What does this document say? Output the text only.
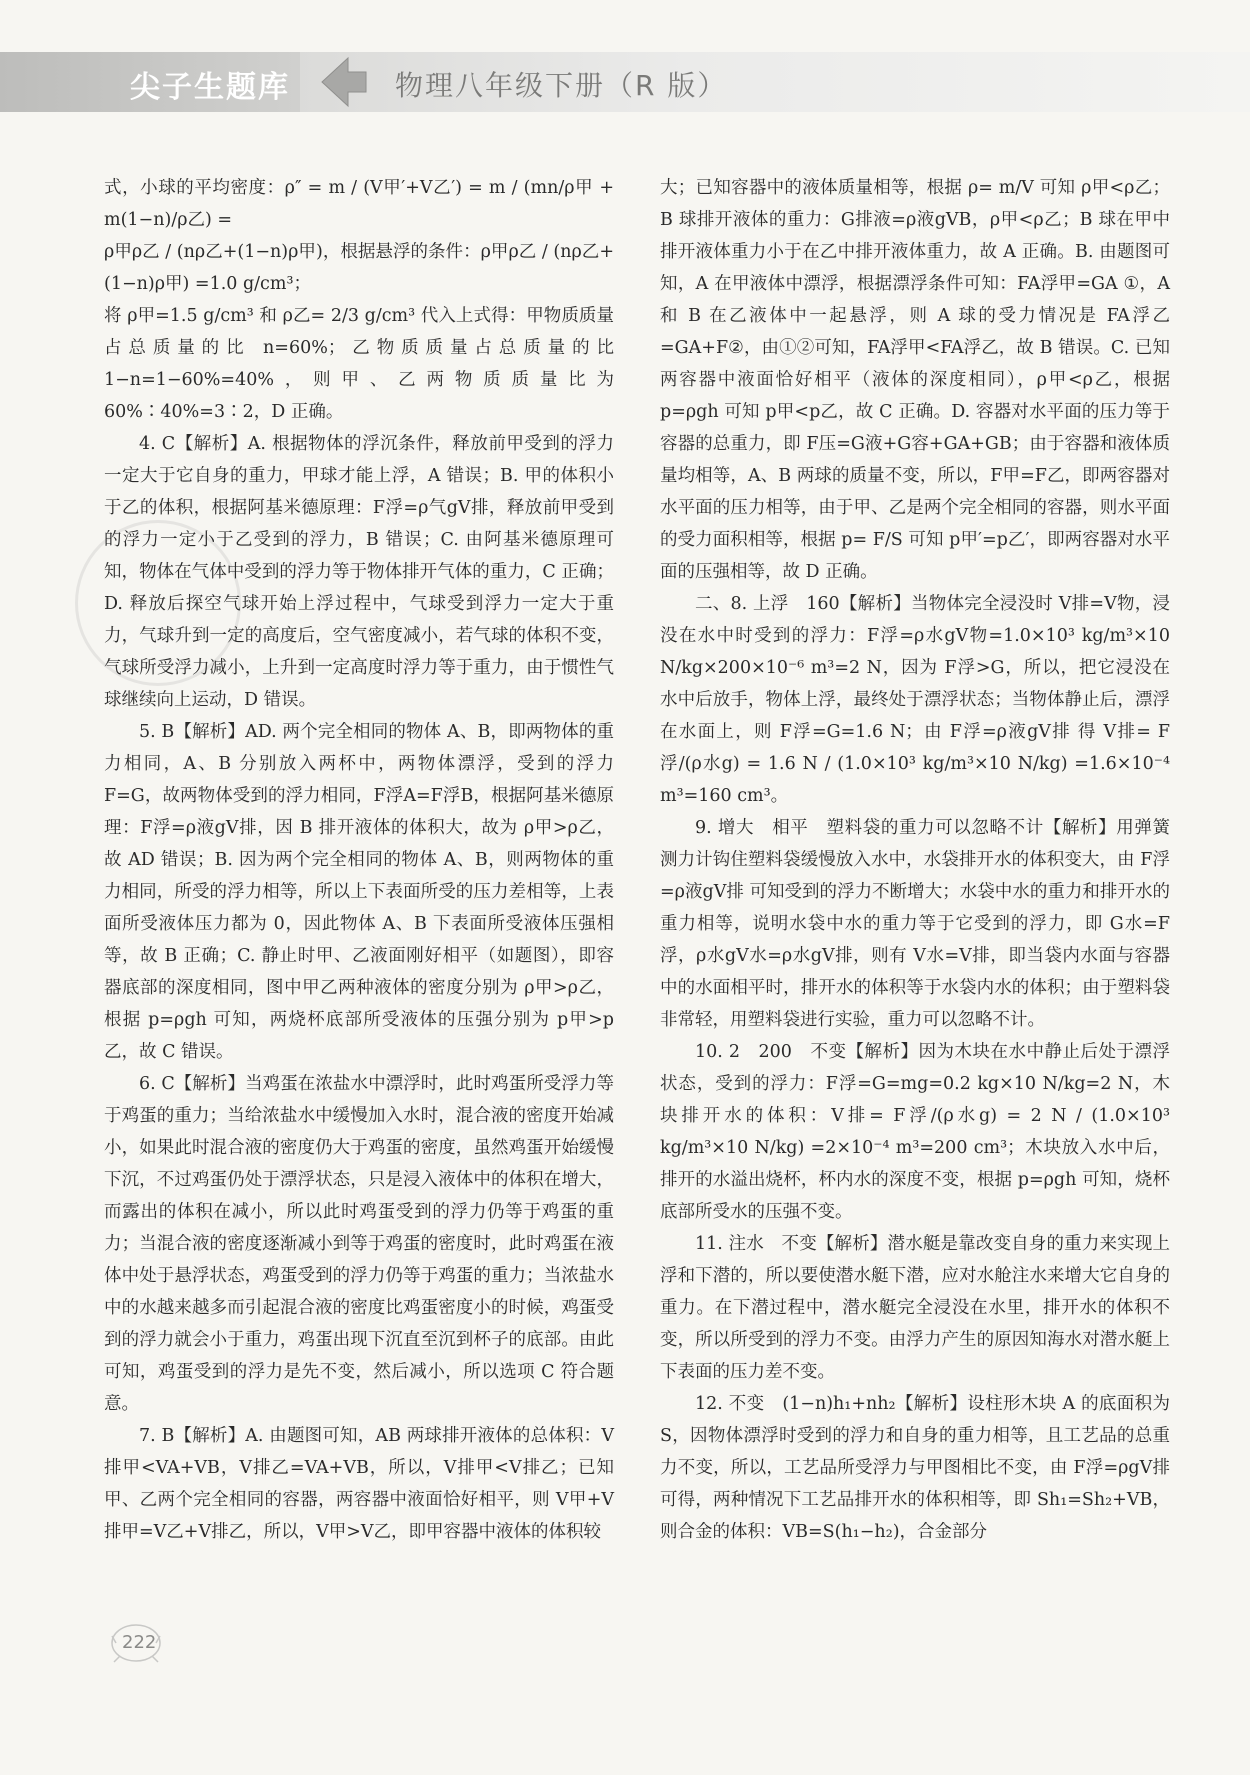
尖子生题库	物理八年级下册（R 版）

式，小球的平均密度：ρ″ = m / (V甲′+V乙′) = m / (mn/ρ甲 + m(1−n)/ρ乙) =

ρ甲ρ乙 / (nρ乙+(1−n)ρ甲)，根据悬浮的条件：ρ甲ρ乙 / (nρ乙+(1−n)ρ甲) =1.0 g/cm³；

将 ρ甲=1.5 g/cm³ 和 ρ乙= 2/3 g/cm³ 代入上式得：甲物质质量占总质量的比 n=60%；乙物质质量占总质量的比 1−n=1−60%=40%，则甲、乙两物质质量比为 60%∶40%=3∶2，D 正确。

4. C【解析】A. 根据物体的浮沉条件，释放前甲受到的浮力一定大于它自身的重力，甲球才能上浮，A 错误；B. 甲的体积小于乙的体积，根据阿基米德原理：F浮=ρ气gV排，释放前甲受到的浮力一定小于乙受到的浮力，B 错误；C. 由阿基米德原理可知，物体在气体中受到的浮力等于物体排开气体的重力，C 正确；D. 释放后探空气球开始上浮过程中，气球受到浮力一定大于重力，气球升到一定的高度后，空气密度减小，若气球的体积不变，气球所受浮力减小，上升到一定高度时浮力等于重力，由于惯性气球继续向上运动，D 错误。

5. B【解析】AD. 两个完全相同的物体 A、B，即两物体的重力相同，A、B 分别放入两杯中，两物体漂浮，受到的浮力 F=G，故两物体受到的浮力相同，F浮A=F浮B，根据阿基米德原理：F浮=ρ液gV排，因 B 排开液体的体积大，故为 ρ甲>ρ乙，故 AD 错误；B. 因为两个完全相同的物体 A、B，则两物体的重力相同，所受的浮力相等，所以上下表面所受的压力差相等，上表面所受液体压力都为 0，因此物体 A、B 下表面所受液体压强相等，故 B 正确；C. 静止时甲、乙液面刚好相平（如题图），即容器底部的深度相同，图中甲乙两种液体的密度分别为 ρ甲>ρ乙，根据 p=ρgh 可知，两烧杯底部所受液体的压强分别为 p甲>p乙，故 C 错误。

6. C【解析】当鸡蛋在浓盐水中漂浮时，此时鸡蛋所受浮力等于鸡蛋的重力；当给浓盐水中缓慢加入水时，混合液的密度开始减小，如果此时混合液的密度仍大于鸡蛋的密度，虽然鸡蛋开始缓慢下沉，不过鸡蛋仍处于漂浮状态，只是浸入液体中的体积在增大，而露出的体积在减小，所以此时鸡蛋受到的浮力仍等于鸡蛋的重力；当混合液的密度逐渐减小到等于鸡蛋的密度时，此时鸡蛋在液体中处于悬浮状态，鸡蛋受到的浮力仍等于鸡蛋的重力；当浓盐水中的水越来越多而引起混合液的密度比鸡蛋密度小的时候，鸡蛋受到的浮力就会小于重力，鸡蛋出现下沉直至沉到杯子的底部。由此可知，鸡蛋受到的浮力是先不变，然后减小，所以选项 C 符合题意。

7. B【解析】A. 由题图可知，AB 两球排开液体的总体积：V排甲<VA+VB，V排乙=VA+VB，所以，V排甲<V排乙；已知甲、乙两个完全相同的容器，两容器中液面恰好相平，则 V甲+V排甲=V乙+V排乙，所以，V甲>V乙，即甲容器中液体的体积较

大；已知容器中的液体质量相等，根据 ρ= m/V 可知 ρ甲<ρ乙；B 球排开液体的重力：G排液=ρ液gVB，ρ甲<ρ乙；B 球在甲中排开液体重力小于在乙中排开液体重力，故 A 正确。B. 由题图可知，A 在甲液体中漂浮，根据漂浮条件可知：FA浮甲=GA ①，A 和 B 在乙液体中一起悬浮，则 A 球的受力情况是 FA浮乙=GA+F②，由①②可知，FA浮甲<FA浮乙，故 B 错误。C. 已知两容器中液面恰好相平（液体的深度相同），ρ甲<ρ乙，根据 p=ρgh 可知 p甲<p乙，故 C 正确。D. 容器对水平面的压力等于容器的总重力，即 F压=G液+G容+GA+GB；由于容器和液体质量均相等，A、B 两球的质量不变，所以，F甲=F乙，即两容器对水平面的压力相等，由于甲、乙是两个完全相同的容器，则水平面的受力面积相等，根据 p= F/S 可知 p甲′=p乙′，即两容器对水平面的压强相等，故 D 正确。

二、8. 上浮　160【解析】当物体完全浸没时 V排=V物，浸没在水中时受到的浮力：F浮=ρ水gV物=1.0×10³ kg/m³×10 N/kg×200×10⁻⁶ m³=2 N，因为 F浮>G，所以，把它浸没在水中后放手，物体上浮，最终处于漂浮状态；当物体静止后，漂浮在水面上，则 F浮=G=1.6 N；由 F浮=ρ液gV排 得 V排= F浮/(ρ水g) = 1.6 N / (1.0×10³ kg/m³×10 N/kg) =1.6×10⁻⁴ m³=160 cm³。

9. 增大　相平　塑料袋的重力可以忽略不计【解析】用弹簧测力计钩住塑料袋缓慢放入水中，水袋排开水的体积变大，由 F浮=ρ液gV排 可知受到的浮力不断增大；水袋中水的重力和排开水的重力相等，说明水袋中水的重力等于它受到的浮力，即 G水=F浮，ρ水gV水=ρ水gV排，则有 V水=V排，即当袋内水面与容器中的水面相平时，排开水的体积等于水袋内水的体积；由于塑料袋非常轻，用塑料袋进行实验，重力可以忽略不计。

10. 2　200　不变【解析】因为木块在水中静止后处于漂浮状态，受到的浮力：F浮=G=mg=0.2 kg×10 N/kg=2 N，木块排开水的体积：V排= F浮/(ρ水g) = 2 N / (1.0×10³ kg/m³×10 N/kg) =2×10⁻⁴ m³=200 cm³；木块放入水中后，排开的水溢出烧杯，杯内水的深度不变，根据 p=ρgh 可知，烧杯底部所受水的压强不变。

11. 注水　不变【解析】潜水艇是靠改变自身的重力来实现上浮和下潜的，所以要使潜水艇下潜，应对水舱注水来增大它自身的重力。在下潜过程中，潜水艇完全浸没在水里，排开水的体积不变，所以所受到的浮力不变。由浮力产生的原因知海水对潜水艇上下表面的压力差不变。

12. 不变　(1−n)h₁+nh₂【解析】设柱形木块 A 的底面积为 S，因物体漂浮时受到的浮力和自身的重力相等，且工艺品的总重力不变，所以，工艺品所受浮力与甲图相比不变，由 F浮=ρgV排 可得，两种情况下工艺品排开水的体积相等，即 Sh₁=Sh₂+VB，则合金的体积：VB=S(h₁−h₂)，合金部分

222
